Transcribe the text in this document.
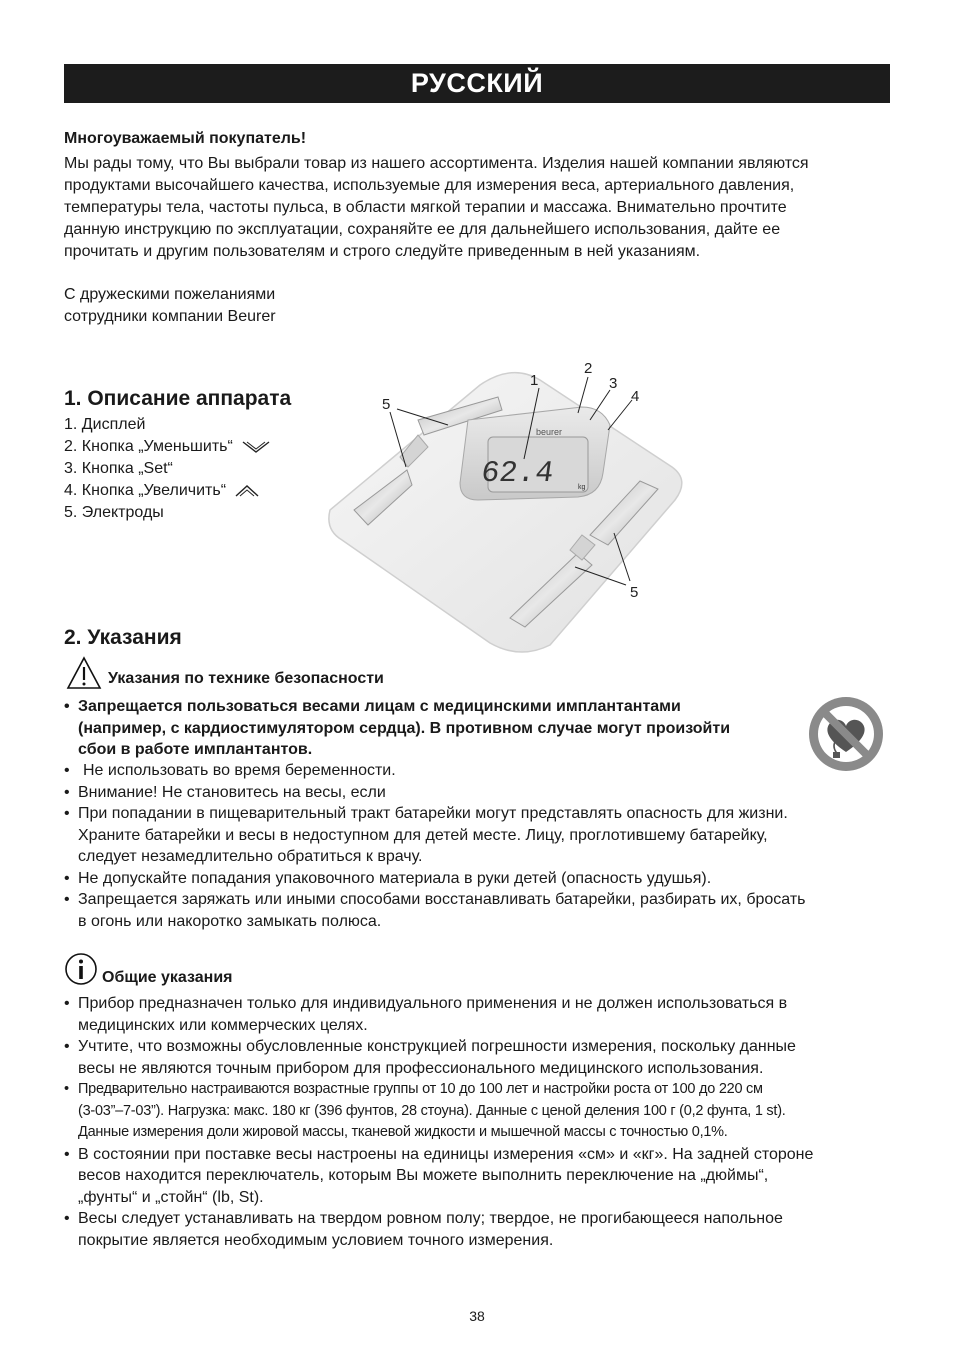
РУССКИЙ
Многоуважаемый покупатель!
Мы рады тому, что Вы выбрали товар из нашего ассортимента. Изделия нашей компании являются
продуктами высочайшего качества, используемые для измерения веса, артериального давления,
температуры тела, частоты пульса, в области мягкой терапии и массажа. Внимательно прочтите
данную инструкцию по эксплуатации, сохраняйте ее для дальнейшего использования, дайте ее
прочитать и другим пользователям и строго следуйте приведенным в ней указаниям.
С дружескими пожеланиями
сотрудники компании Beurer
1. Описание аппарата
1. Дисплей
2. Кнопка „Уменьшить“
3. Кнопка „Set“
4. Кнопка „Увеличить“
5. Электроды
beurer
62.4	kg
1
2
3
4
5
5
2. Указания
Указания по технике безопасности
• Запрещается пользоваться весами лицам с медицинскими имплантантами
(например, с кардиостимулятором сердца). В противном случае могут произойти
сбои в работе имплантантов.
• Не использовать во время беременности.
• Внимание! Не становитесь на весы, если
• При попадании в пищеварительный тракт батарейки могут представлять опасность для жизни.
Храните батарейки и весы в недоступном для детей месте. Лицу, проглотившему батарейку,
следует незамедлительно обратиться к врачу.
• Не допускайте попадания упаковочного материала в руки детей (опасность удушья).
• Запрещается заряжать или иными способами восстанавливать батарейки, разбирать их, бросать
в огонь или накоротко замыкать полюса.
Общие указания
• Прибор предназначен только для индивидуального применения и не должен использоваться в
медицинских или коммерческих целях.
• Учтите, что возможны обусловленные конструкцией погрешности измерения, поскольку данные
весы не являются точным прибором для профессионального медицинского использования.
• Предварительно настраиваются возрастные группы от 10 до 100 лет и настройки роста от 100 до 220 см
(3-03”–7-03”). Нагрузка: макс. 180 кг (396 фунтов, 28 стоуна). Данные с ценой деления 100 г (0,2 фунта, 1 st).
Данные измерения доли жировой массы, тканевой жидкости и мышечной массы с точностью 0,1%.
• В состоянии при поставке весы настроены на единицы измерения «см» и «кг». На задней стороне
весов находится переключатель, которым Вы можете выполнить переключение на „дюймы“,
„фунты“ и „стойн“ (lb, St).
• Весы следует устанавливать на твердом ровном полу; твердое, не прогибающееся напольное
покрытие является необходимым условием точного измерения.
38
